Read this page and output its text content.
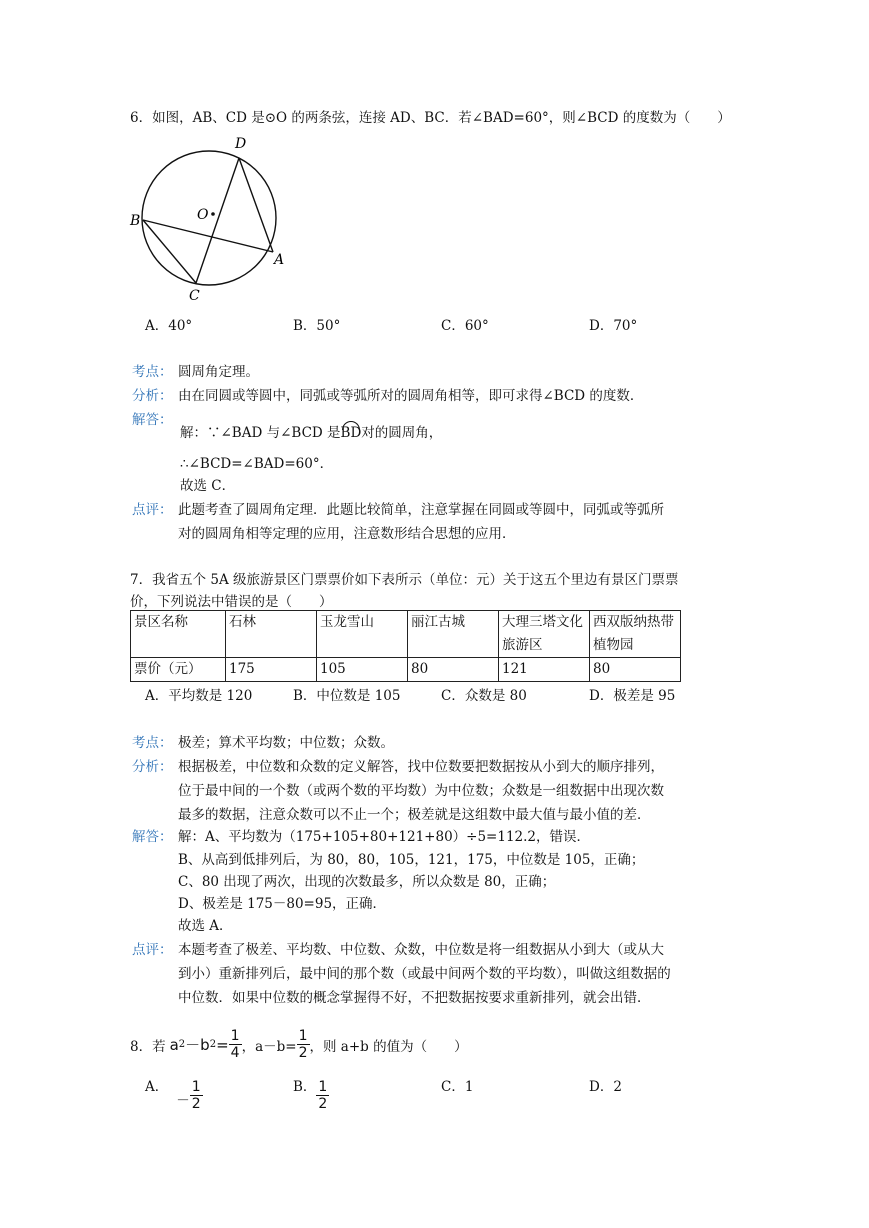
6．如图，AB、CD 是⊙O 的两条弦，连接 AD、BC．若∠BAD=60°，则∠BCD 的度数为（　　）
D
B	O
A
C
A．40°	B．50°	C．60°	D．70°
考点： 圆周角定理。
分析： 由在同圆或等圆中，同弧或等弧所对的圆周角相等，即可求得∠BCD 的度数．
解答：
解：∵∠BAD 与∠BCD 是BD对的圆周角，
∴∠BCD=∠BAD=60°．
故选 C．
点评： 此题考查了圆周角定理．此题比较简单，注意掌握在同圆或等圆中，同弧或等弧所
对的圆周角相等定理的应用，注意数形结合思想的应用．
7．我省五个 5A 级旅游景区门票票价如下表所示（单位：元）关于这五个里边有景区门票票
价，下列说法中错误的是（　　）
景区名称	石林	玉龙雪山	丽江古城	大理三塔文化旅游区	西双版纳热带植物园
票价（元）	175	105	80	121	80
A．平均数是 120	B．中位数是 105	C．众数是 80	D．极差是 95
考点： 极差；算术平均数；中位数；众数。
分析： 根据极差，中位数和众数的定义解答，找中位数要把数据按从小到大的顺序排列，
位于最中间的一个数（或两个数的平均数）为中位数；众数是一组数据中出现次数
最多的数据，注意众数可以不止一个；极差就是这组数中最大值与最小值的差．
解答： 解：A、平均数为（175+105+80+121+80）÷5=112.2，错误．
B、从高到低排列后，为 80，80，105，121，175，中位数是 105，正确；
C、80 出现了两次，出现的次数最多，所以众数是 80，正确；
D、极差是 175－80=95，正确．
故选 A．
点评： 本题考查了极差、平均数、中位数、众数，中位数是将一组数据从小到大（或从大
到小）重新排列后，最中间的那个数（或最中间两个数的平均数），叫做这组数据的
中位数．如果中位数的概念掌握得不好，不把数据按要求重新排列，就会出错．
8．若 a 2 －b $2 = \frac{1}{4}$ ，$a-b= \frac{1}{2}$ ，则 a+b 的值为（　　）
A．
－ $\frac{1}{2}$	B． $\frac{1}{2}$	C．1	D．2
